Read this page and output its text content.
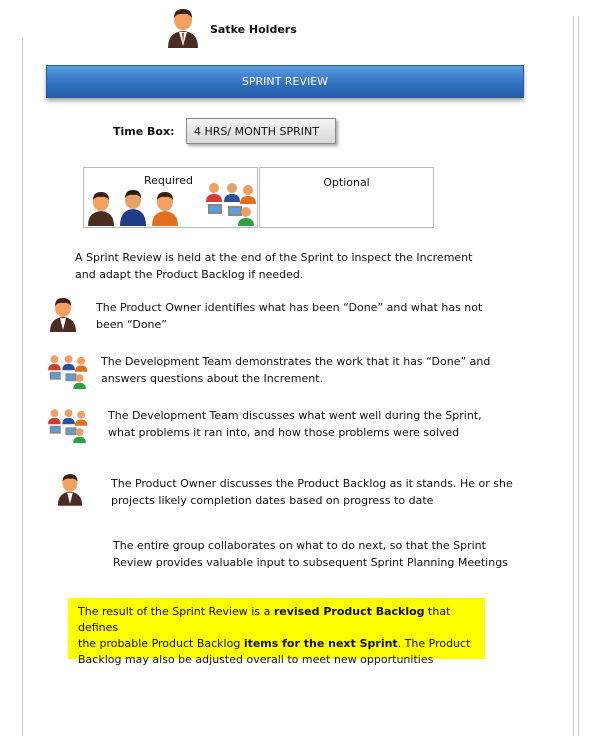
Satke Holders
SPRINT REVIEW
Time Box:	4 HRS/ MONTH SPRINT
Required	Optional
A Sprint Review is held at the end of the Sprint to inspect the Increment
and adapt the Product Backlog if needed.
The Product Owner identifies what has been “Done” and what has not
been “Done”
The Development Team demonstrates the work that it has “Done” and
answers questions about the Increment.
The Development Team discusses what went well during the Sprint,
what problems it ran into, and how those problems were solved
The Product Owner discusses the Product Backlog as it stands. He or she
projects likely completion dates based on progress to date
The entire group collaborates on what to do next, so that the Sprint
Review provides valuable input to subsequent Sprint Planning Meetings
The result of the Sprint Review is a revised Product Backlog that defines
the probable Product Backlog items for the next Sprint. The Product
Backlog may also be adjusted overall to meet new opportunities
